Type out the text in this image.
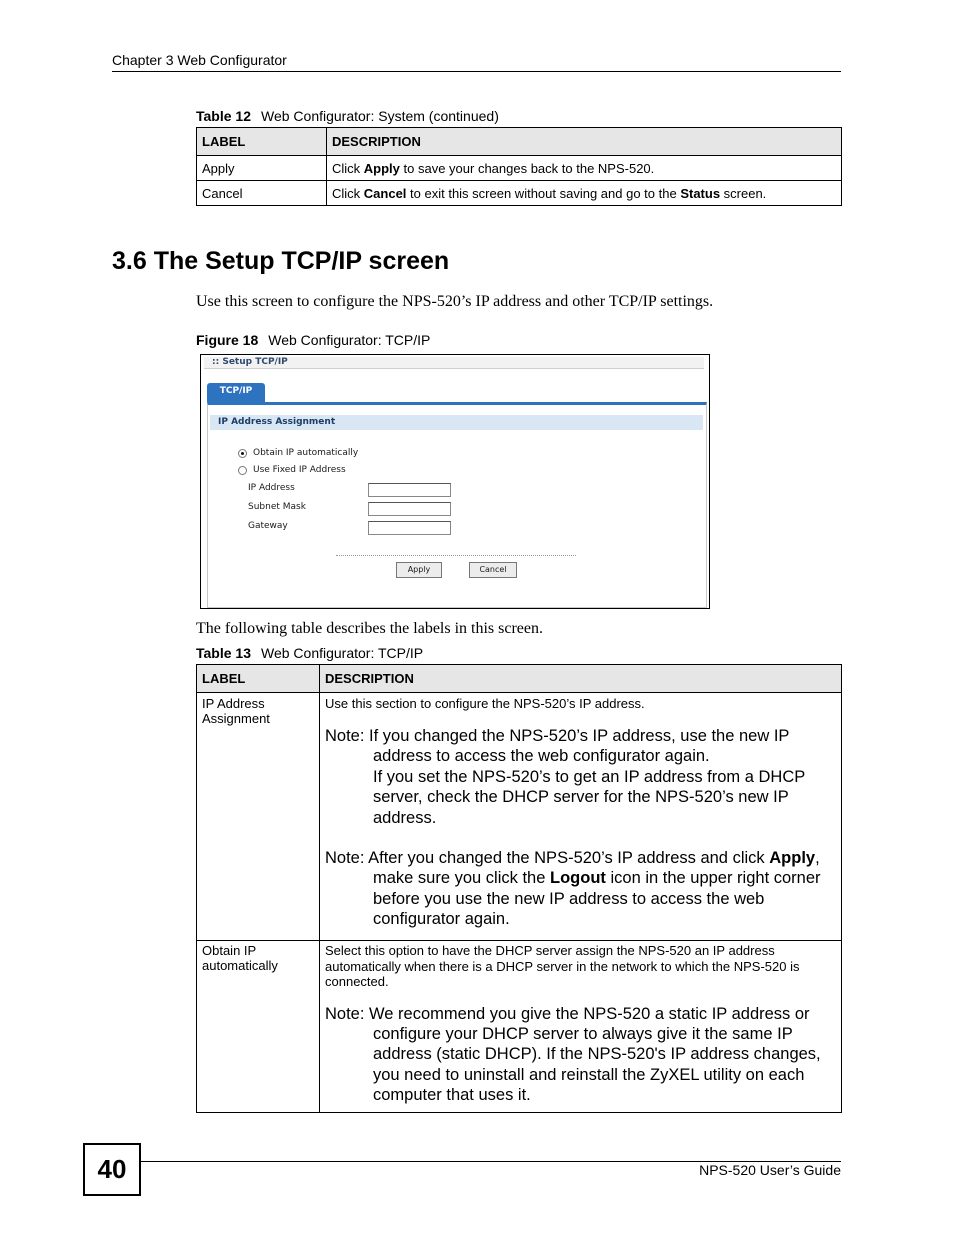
Chapter 3 Web Configurator
Table 12 Web Configurator: System (continued)
LABEL	DESCRIPTION
Apply	Click Apply to save your changes back to the NPS-520.
Cancel	Click Cancel to exit this screen without saving and go to the Status screen.
3.6 The Setup TCP/IP screen
Use this screen to configure the NPS-520’s IP address and other TCP/IP settings.
Figure 18 Web Configurator: TCP/IP
:: Setup TCP/IP
TCP/IP
IP Address Assignment
Obtain IP automatically
Use Fixed IP Address
IP Address
Subnet Mask
Gateway
Apply	Cancel
The following table describes the labels in this screen.
Table 13 Web Configurator: TCP/IP
LABEL	DESCRIPTION
IP Address Assignment	Use this section to configure the NPS-520’s IP address.

Note: If you changed the NPS-520’s IP address, use the new IP address to access the web configurator again.

If you set the NPS-520’s to get an IP address from a DHCP server, check the DHCP server for the NPS-520’s new IP address.

Note: After you changed the NPS-520’s IP address and click Apply, make sure you click the Logout icon in the upper right corner before you use the new IP address to access the web configurator again.

Obtain IP automatically	Select this option to have the DHCP server assign the NPS-520 an IP address automatically when there is a DHCP server in the network to which the NPS-520 is connected.
Note: We recommend you give the NPS-520 a static IP address or configure your DHCP server to always give it the same IP address (static DHCP). If the NPS-520's IP address changes, you need to uninstall and reinstall the ZyXEL utility on each computer that uses it.
40	NPS-520 User’s Guide
